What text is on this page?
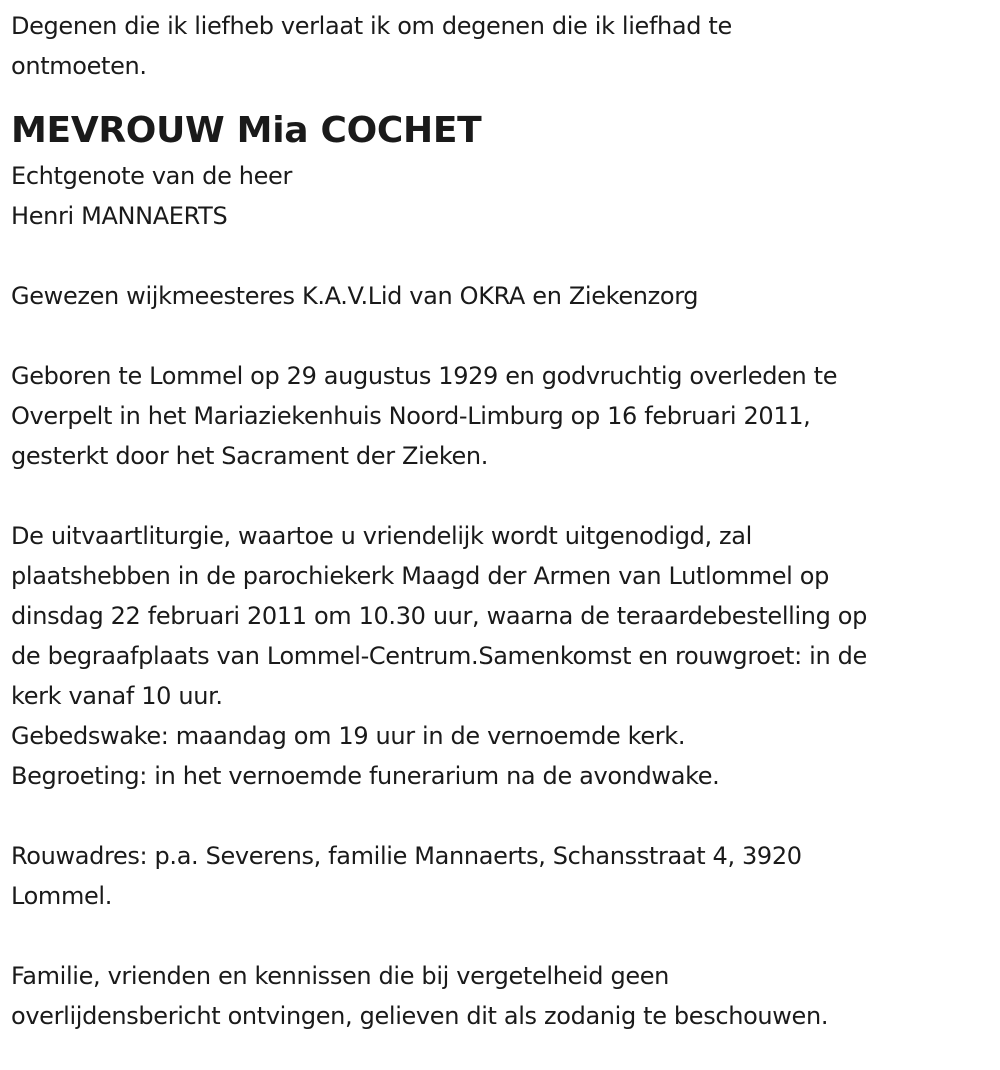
Degenen die ik liefheb verlaat ik om degenen die ik liefhad te
ontmoeten.
MEVROUW Mia COCHET
Echtgenote van de heer
Henri MANNAERTS
Gewezen wijkmeesteres K.A.V.Lid van OKRA en Ziekenzorg
Geboren te Lommel op 29 augustus 1929 en godvruchtig overleden te
Overpelt in het Mariaziekenhuis Noord-Limburg op 16 februari 2011,
gesterkt door het Sacrament der Zieken.
De uitvaartliturgie, waartoe u vriendelijk wordt uitgenodigd, zal
plaatshebben in de parochiekerk Maagd der Armen van Lutlommel op
dinsdag 22 februari 2011 om 10.30 uur, waarna de teraardebestelling op
de begraafplaats van Lommel-Centrum.Samenkomst en rouwgroet: in de
kerk vanaf 10 uur.
Gebedswake: maandag om 19 uur in de vernoemde kerk.
Begroeting: in het vernoemde funerarium na de avondwake.
Rouwadres: p.a. Severens, familie Mannaerts, Schansstraat 4, 3920
Lommel.
Familie, vrienden en kennissen die bij vergetelheid geen
overlijdensbericht ontvingen, gelieven dit als zodanig te beschouwen.
